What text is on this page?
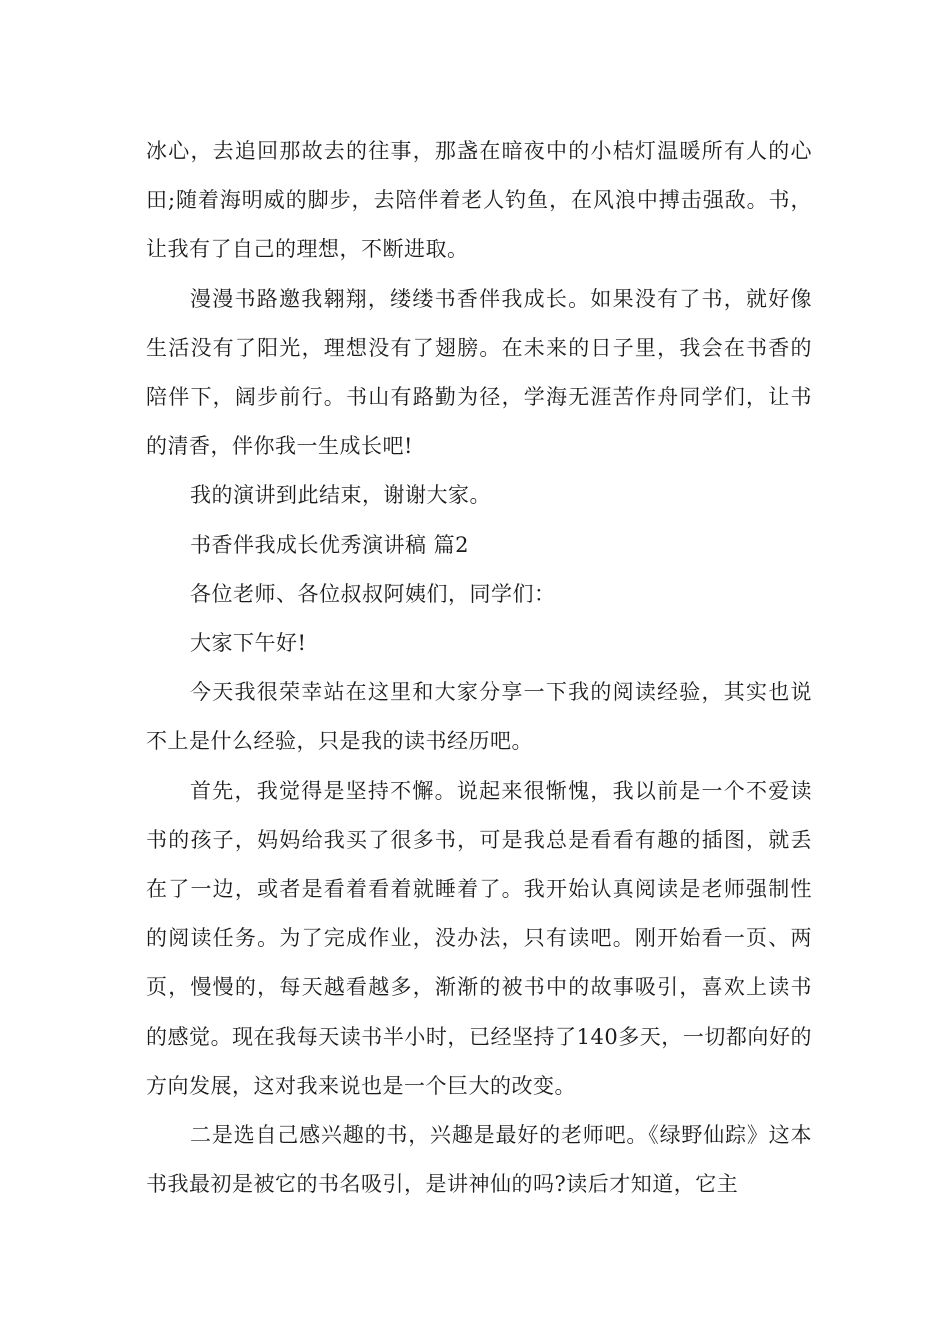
冰心，去追回那故去的往事，那盏在暗夜中的小桔灯温暖所有人的心田;随着海明威的脚步，去陪伴着老人钓鱼，在风浪中搏击强敌。书，让我有了自己的理想，不断进取。

漫漫书路邀我翱翔，缕缕书香伴我成长。如果没有了书，就好像生活没有了阳光，理想没有了翅膀。在未来的日子里，我会在书香的陪伴下，阔步前行。书山有路勤为径，学海无涯苦作舟同学们，让书的清香，伴你我一生成长吧!

我的演讲到此结束，谢谢大家。

书香伴我成长优秀演讲稿 篇2

各位老师、各位叔叔阿姨们，同学们：

大家下午好!

今天我很荣幸站在这里和大家分享一下我的阅读经验，其实也说不上是什么经验，只是我的读书经历吧。

首先，我觉得是坚持不懈。说起来很惭愧，我以前是一个不爱读书的孩子，妈妈给我买了很多书，可是我总是看看有趣的插图，就丢在了一边，或者是看着看着就睡着了。我开始认真阅读是老师强制性的阅读任务。为了完成作业，没办法，只有读吧。刚开始看一页、两页，慢慢的，每天越看越多，渐渐的被书中的故事吸引，喜欢上读书的感觉。现在我每天读书半小时，已经坚持了140多天，一切都向好的方向发展，这对我来说也是一个巨大的改变。

二是选自己感兴趣的书，兴趣是最好的老师吧。《绿野仙踪》这本书我最初是被它的书名吸引，是讲神仙的吗?读后才知道，它主
